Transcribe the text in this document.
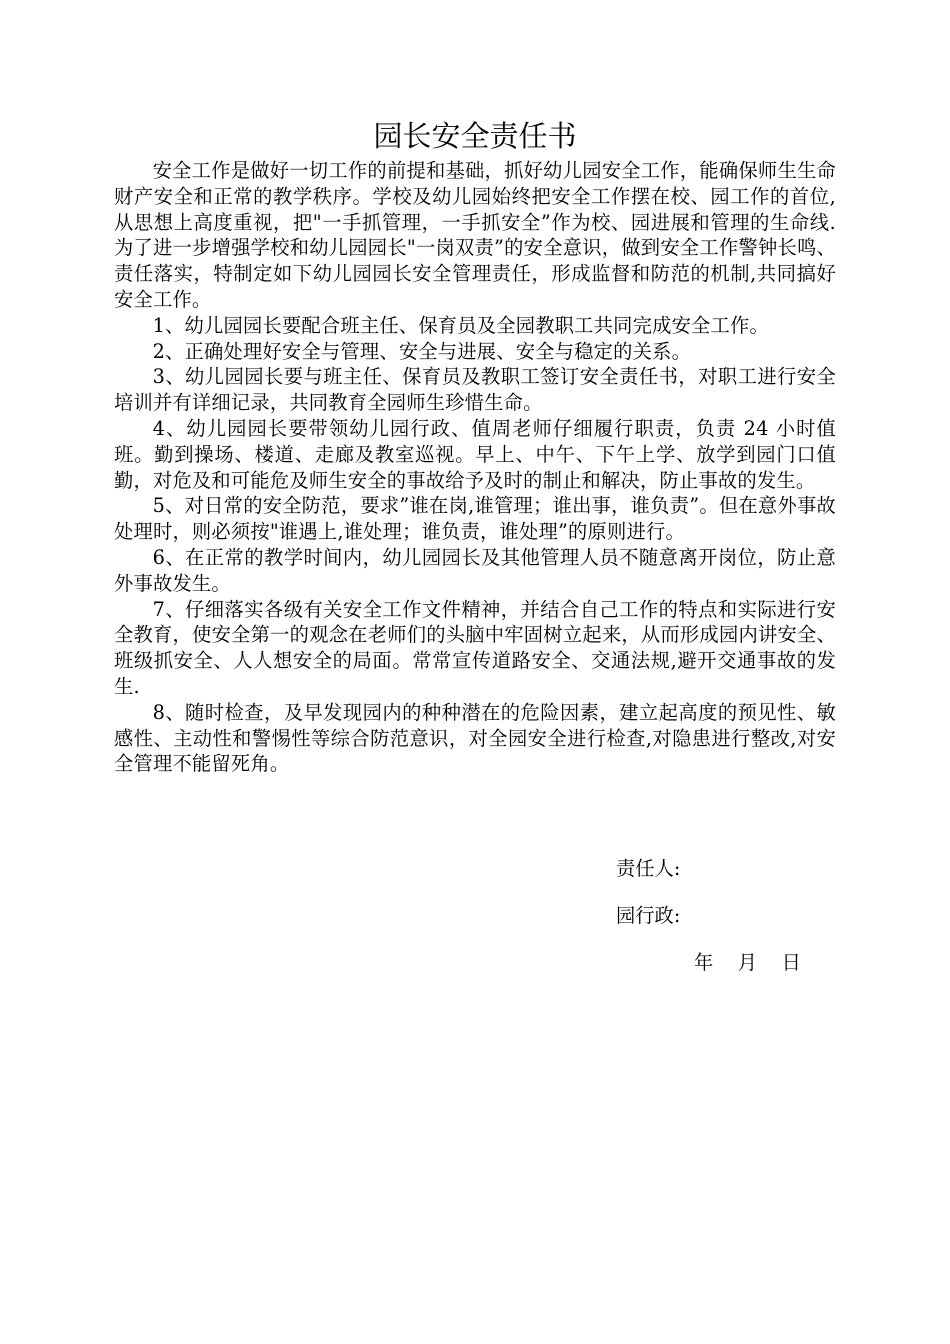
园长安全责任书

安全工作是做好一切工作的前提和基础，抓好幼儿园安全工作，能确保师生生命财产安全和正常的教学秩序。学校及幼儿园始终把安全工作摆在校、园工作的首位,从思想上高度重视，把"一手抓管理，一手抓安全”作为校、园进展和管理的生命线.为了进一步增强学校和幼儿园园长"一岗双责”的安全意识，做到安全工作警钟长鸣、责任落实，特制定如下幼儿园园长安全管理责任，形成监督和防范的机制,共同搞好安全工作。

1、幼儿园园长要配合班主任、保育员及全园教职工共同完成安全工作。

2、正确处理好安全与管理、安全与进展、安全与稳定的关系。

3、幼儿园园长要与班主任、保育员及教职工签订安全责任书，对职工进行安全培训并有详细记录，共同教育全园师生珍惜生命。

4、幼儿园园长要带领幼儿园行政、值周老师仔细履行职责，负责 24 小时值班。勤到操场、楼道、走廊及教室巡视。早上、中午、下午上学、放学到园门口值勤，对危及和可能危及师生安全的事故给予及时的制止和解决，防止事故的发生。

5、对日常的安全防范，要求”谁在岗,谁管理；谁出事，谁负责”。但在意外事故处理时，则必须按"谁遇上,谁处理；谁负责，谁处理”的原则进行。

6、在正常的教学时间内，幼儿园园长及其他管理人员不随意离开岗位，防止意外事故发生。

7、仔细落实各级有关安全工作文件精神，并结合自己工作的特点和实际进行安全教育，使安全第一的观念在老师们的头脑中牢固树立起来，从而形成园内讲安全、班级抓安全、人人想安全的局面。常常宣传道路安全、交通法规,避开交通事故的发生.

8、随时检查，及早发现园内的种种潜在的危险因素，建立起高度的预见性、敏感性、主动性和警惕性等综合防范意识，对全园安全进行检查,对隐患进行整改,对安全管理不能留死角。

责任人:
园行政:
年    月    日
